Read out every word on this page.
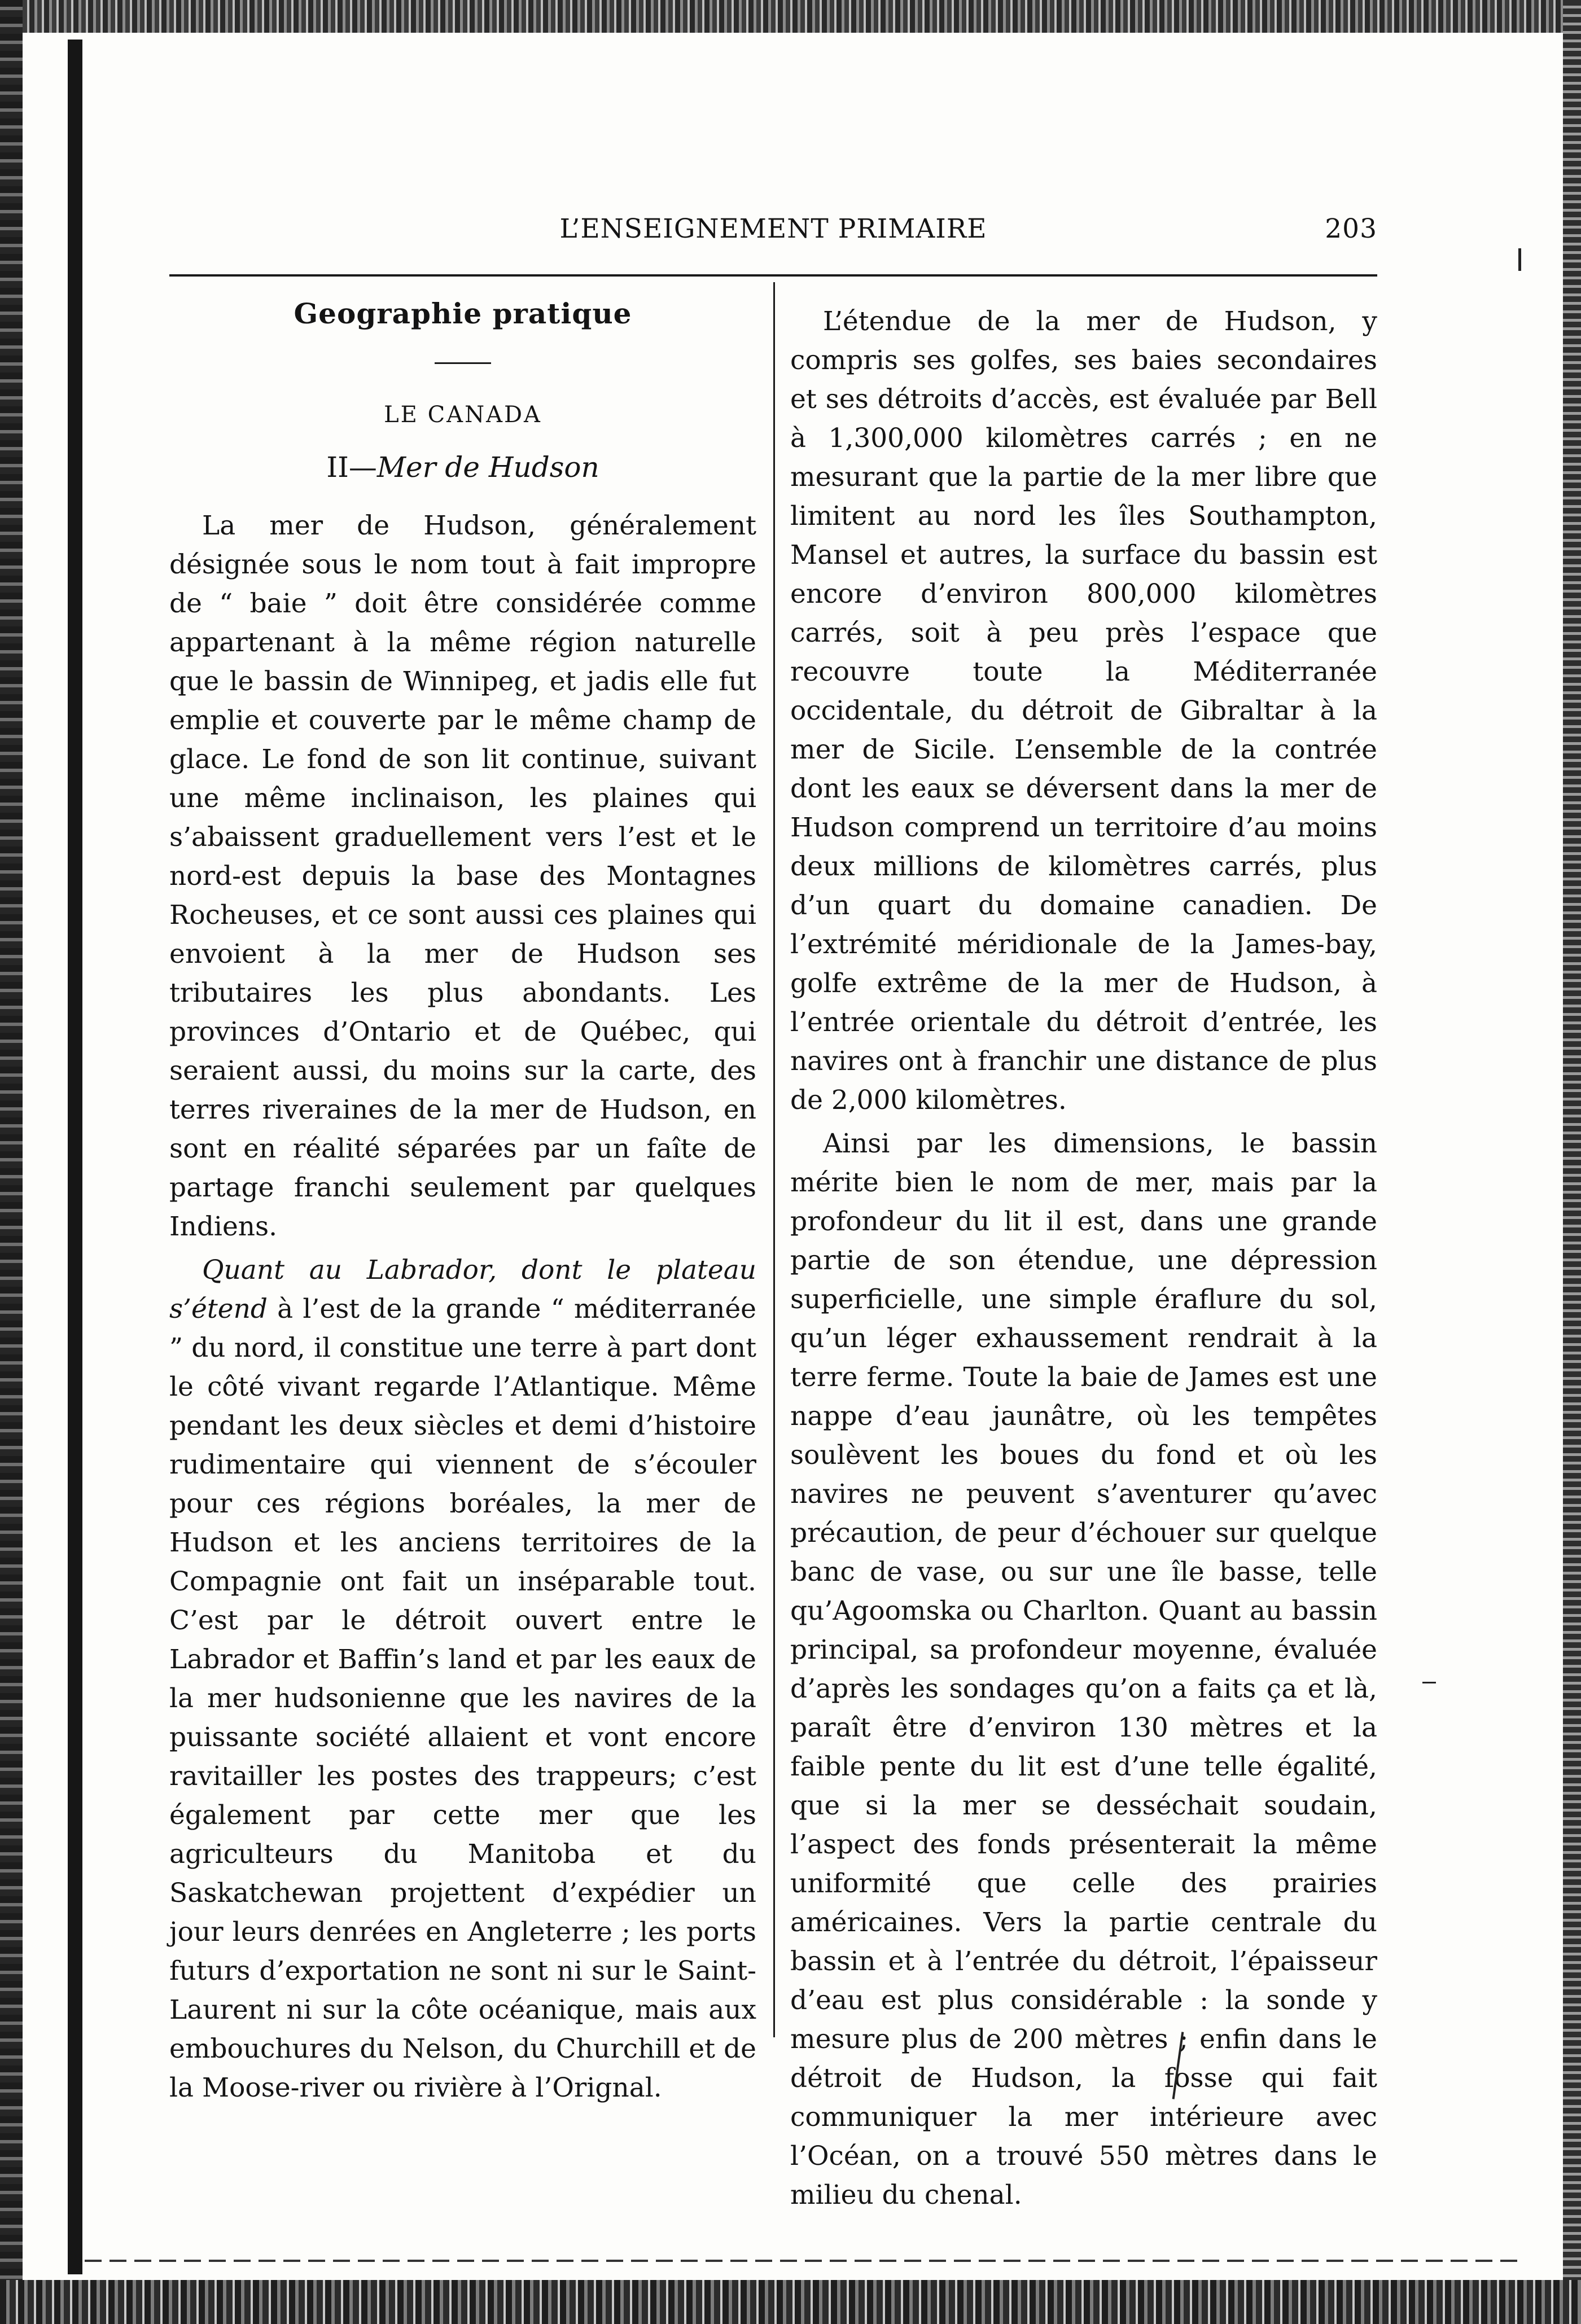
L’ENSEIGNEMENT PRIMAIRE	203
Geographie pratique
LE CANADA
II—Mer de Hudson

La mer de Hudson, généralement désignée sous le nom tout à fait impropre de “ baie ” doit être considérée comme appartenant à la même région naturelle que le bassin de Winnipeg, et jadis elle fut emplie et couverte par le même champ de glace. Le fond de son lit continue, suivant une même inclinaison, les plaines qui s’abaissent graduellement vers l’est et le nord-est depuis la base des Montagnes Rocheuses, et ce sont aussi ces plaines qui envoient à la mer de Hudson ses tributaires les plus abondants. Les provinces d’Ontario et de Québec, qui seraient aussi, du moins sur la carte, des terres riveraines de la mer de Hudson, en sont en réalité séparées par un faîte de partage franchi seulement par quelques Indiens.

Quant au Labrador, dont le plateau s’étend à l’est de la grande “ méditerranée ” du nord, il constitue une terre à part dont le côté vivant regarde l’Atlantique. Même pendant les deux siècles et demi d’histoire rudimentaire qui viennent de s’écouler pour ces régions boréales, la mer de Hudson et les anciens territoires de la Compagnie ont fait un inséparable tout. C’est par le détroit ouvert entre le Labrador et Baffin’s land et par les eaux de la mer hudsonienne que les navires de la puissante société allaient et vont encore ravitailler les postes des trappeurs; c’est également par cette mer que les agriculteurs du Manitoba et du Saskatchewan projettent d’expédier un jour leurs denrées en Angleterre ; les ports futurs d’exportation ne sont ni sur le Saint-Laurent ni sur la côte océanique, mais aux embouchures du Nelson, du Churchill et de la Moose-river ou rivière à l’Orignal.

L’étendue de la mer de Hudson, y compris ses golfes, ses baies secondaires et ses détroits d’accès, est évaluée par Bell à 1,300,000 kilomètres carrés ; en ne mesurant que la partie de la mer libre que limitent au nord les îles Southampton, Mansel et autres, la surface du bassin est encore d’environ 800,000 kilomètres carrés, soit à peu près l’espace que recouvre toute la Méditerranée occidentale, du détroit de Gibraltar à la mer de Sicile. L’ensemble de la contrée dont les eaux se déversent dans la mer de Hudson comprend un territoire d’au moins deux millions de kilomètres carrés, plus d’un quart du domaine canadien. De l’extrémité méridionale de la James-bay, golfe extrême de la mer de Hudson, à l’entrée orientale du détroit d’entrée, les navires ont à franchir une distance de plus de 2,000 kilomètres.

Ainsi par les dimensions, le bassin mérite bien le nom de mer, mais par la profondeur du lit il est, dans une grande partie de son étendue, une dépression superficielle, une simple éraflure du sol, qu’un léger exhaussement rendrait à la terre ferme. Toute la baie de James est une nappe d’eau jaunâtre, où les tempêtes soulèvent les boues du fond et où les navires ne peuvent s’aventurer qu’avec précaution, de peur d’échouer sur quelque banc de vase, ou sur une île basse, telle qu’Agoomska ou Charlton. Quant au bassin principal, sa profondeur moyenne, évaluée d’après les sondages qu’on a faits ça et là, paraît être d’environ 130 mètres et la faible pente du lit est d’une telle égalité, que si la mer se desséchait soudain, l’aspect des fonds présenterait la même uniformité que celle des prairies américaines. Vers la partie centrale du bassin et à l’entrée du détroit, l’épaisseur d’eau est plus considérable : la sonde y mesure plus de 200 mètres ; enfin dans le détroit de Hudson, la fosse qui fait communiquer la mer intérieure avec l’Océan, on a trouvé 550 mètres dans le milieu du chenal.
